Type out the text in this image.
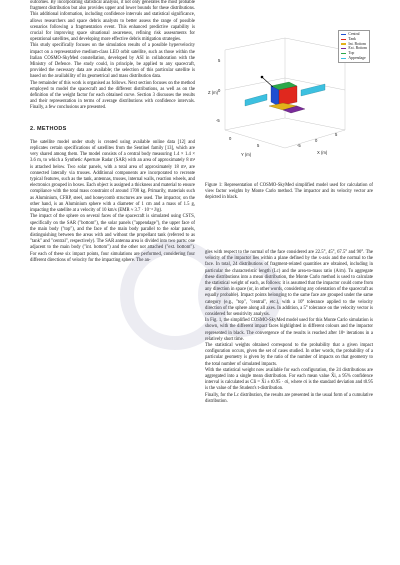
outcomes. By incorporating statistical analysis, it not only generates the most probable fragment distribution but also provides upper and lower bounds for these distributions. This additional information, including confidence intervals and statistical significance, allows researchers and space debris analysts to better assess the range of possible scenarios following a fragmentation event. This enhanced predictive capability is crucial for improving space situational awareness, refining risk assessments for operational satellites, and developing more effective debris mitigation strategies.

This study specifically focuses on the simulation results of a possible hypervelocity impact on a representative medium-class LEO orbit satellite, such as those within the Italian COSMO-SkyMed constellation, developed by ASI in collaboration with the Ministry of Defence. The study could, in principle, be applied to any spacecraft, provided the necessary data are available; the selection of this particular satellite is based on the availability of its geometrical and mass distribution data.

The remainder of this work is organised as follows. Next section focuses on the method employed to model the spacecraft and the different distributions, as well as on the definition of the weight factor for each obtained curve. Section 3 discusses the results and their representation in terms of average distributions with confidence intervals. Finally, a few conclusions are presented.

2. METHODS

The satellite model under study is created using available online data [12] and replicates certain specifications of satellites from the Sentinel family [13], which are very shared among them. The model consists of a central body measuring 1.4 × 1.4 × 3.6 m, to which a Synthetic Aperture Radar (SAR) with an area of approximately 8 m² is attached below. Two solar panels, with a total area of approximately 18 m², are connected laterally via trusses. Additional components are incorporated to recreate typical features, such as the tank, antennas, trusses, internal walls, reaction wheels, and electronics grouped in boxes. Each object is assigned a thickness and material to ensure compliance with the total mass constraint of around 1700 kg. Primarily, materials such as Aluminium, CFRP, steel, and honeycomb structures are used. The impactor, on the other hand, is an Aluminium sphere with a diameter of 1 cm and a mass of 1.5 g, impacting the satellite at a velocity of 10 km/s (EMR ≈ 3.7 · 10⁻² J/g).

The impact of the sphere on several faces of the spacecraft is simulated using CSTS, specifically on the SAR ("bottom"), the solar panels ("appendage"), the upper face of the main body ("top"), and the face of the main body parallel to the solar panels, distinguishing between the areas with and without the propellant tank (referred to as "tank" and "central", respectively). The SAR antenna area is divided into two parts: one adjacent to the main body ("int. bottom") and the other not attached ("ext. bottom"). For each of these six impact points, four simulations are performed, considering four different directions of velocity for the impacting sphere. The an-

5
0
-5
0
5	-5
0
5
Z (m)
Y (m)	X (m)
Central
Tank
Int. Bottom
Ext. Bottom
Top
Appendage
Figure 1: Representation of COSMO-SkyMed simplified model used for calculation of view factor weights by Monte Carlo method. The impactor and its velocity vector are depicted in black.

gles with respect to the normal of the face considered are 22.5°, 45°, 67.5° and 90°. The velocity of the impactor lies within a plane defined by the x-axis and the normal to the face. In total, 24 distributions of fragment-related quantities are obtained, including in particular the characteristic length (Lc) and the area-to-mass ratio (A/m). To aggregate these distributions into a mean distribution, the Monte Carlo method is used to calculate the statistical weight of each, as follows: it is assumed that the impactor could come from any direction in space (or, in other words, considering any orientation of the spacecraft as equally probable). Impact points belonging to the same face are grouped under the same category (e.g., "top", "central", etc.), with a 10° tolerance applied to the velocity direction of the sphere along all axes. In addition, a 5° tolerance on the velocity vector is considered for sensitivity analysis.

In Fig. 1, the simplified COSMO-SkyMed model used for this Monte Carlo simulation is shown, with the different impact faces highlighted in different colours and the impactor represented in black. The convergence of the results is reached after 10⁶ iterations in a relatively short time.

The statistical weights obtained correspond to the probability that a given impact configuration occurs, given the set of cases studied. In other words, the probability of a particular geometry is given by the ratio of the number of impacts on that geometry to the total number of simulated impacts.

With the statistical weight now available for each configuration, the 24 distributions are aggregated into a single mean distribution. For each mean value X̄i, a 95% confidence interval is calculated as CIi = X̄i ± t0.95 · σi, where σi is the standard deviation and t0.95 is the value of the Student's t-distribution.

Finally, for the Lc distribution, the results are presented in the usual form of a cumulative distribution.
